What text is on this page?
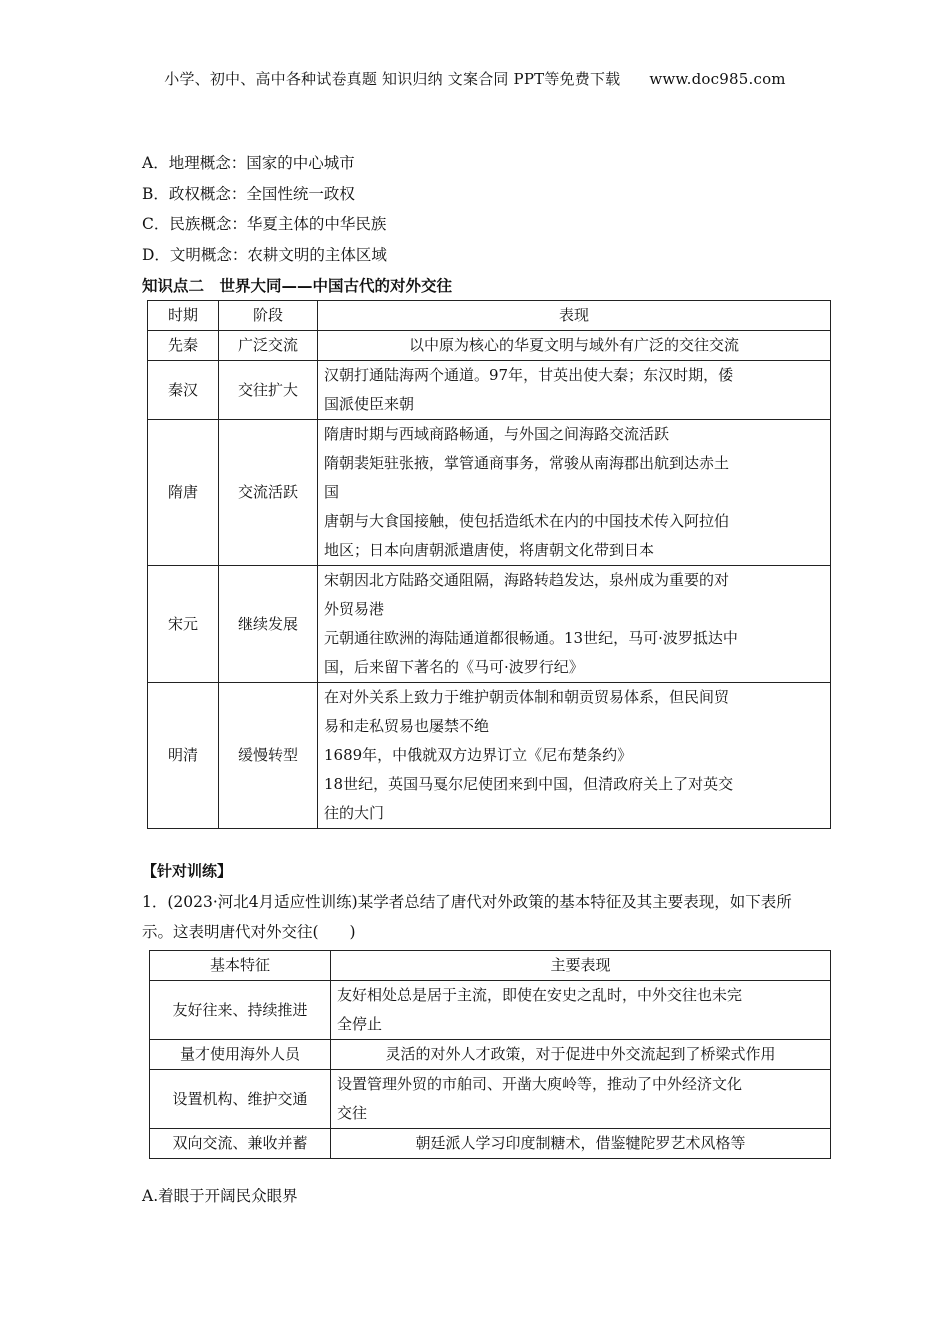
小学、初中、高中各种试卷真题 知识归纳 文案合同 PPT等免费下载 www.doc985.com
A．地理概念：国家的中心城市
B．政权概念：全国性统一政权
C．民族概念：华夏主体的中华民族
D．文明概念：农耕文明的主体区域
知识点二　世界大同——中国古代的对外交往
时期	阶段	表现
先秦	广泛交流	以中原为核心的华夏文明与域外有广泛的交往交流

秦汉	交往扩大	汉朝打通陆海两个通道。97年，甘英出使大秦；东汉时期，倭
国派使臣来朝

隋唐	交流活跃	隋唐时期与西域商路畅通，与外国之间海路交流活跃
隋朝裴矩驻张掖，掌管通商事务，常骏从南海郡出航到达赤土
国
唐朝与大食国接触，使包括造纸术在内的中国技术传入阿拉伯
地区；日本向唐朝派遣唐使，将唐朝文化带到日本

宋元	继续发展	宋朝因北方陆路交通阻隔，海路转趋发达，泉州成为重要的对
外贸易港
元朝通往欧洲的海陆通道都很畅通。13世纪，马可·波罗抵达中
国，后来留下著名的《马可·波罗行纪》

明清	缓慢转型	在对外关系上致力于维护朝贡体制和朝贡贸易体系，但民间贸
易和走私贸易也屡禁不绝
1689年，中俄就双方边界订立《尼布楚条约》
18世纪，英国马戛尔尼使团来到中国，但清政府关上了对英交
往的大门
【针对训练】
1．(2023·河北4月适应性训练)某学者总结了唐代对外政策的基本特征及其主要表现，如下表所示。这表明唐代对外交往(　　)
基本特征	主要表现
友好往来、持续推进	友好相处总是居于主流，即使在安史之乱时，中外交往也未完
全停止

量才使用海外人员	灵活的对外人才政策，对于促进中外交流起到了桥梁式作用

设置机构、维护交通	设置管理外贸的市舶司、开凿大庾岭等，推动了中外经济文化
交往

双向交流、兼收并蓄	朝廷派人学习印度制糖术，借鉴犍陀罗艺术风格等
A.着眼于开阔民众眼界
